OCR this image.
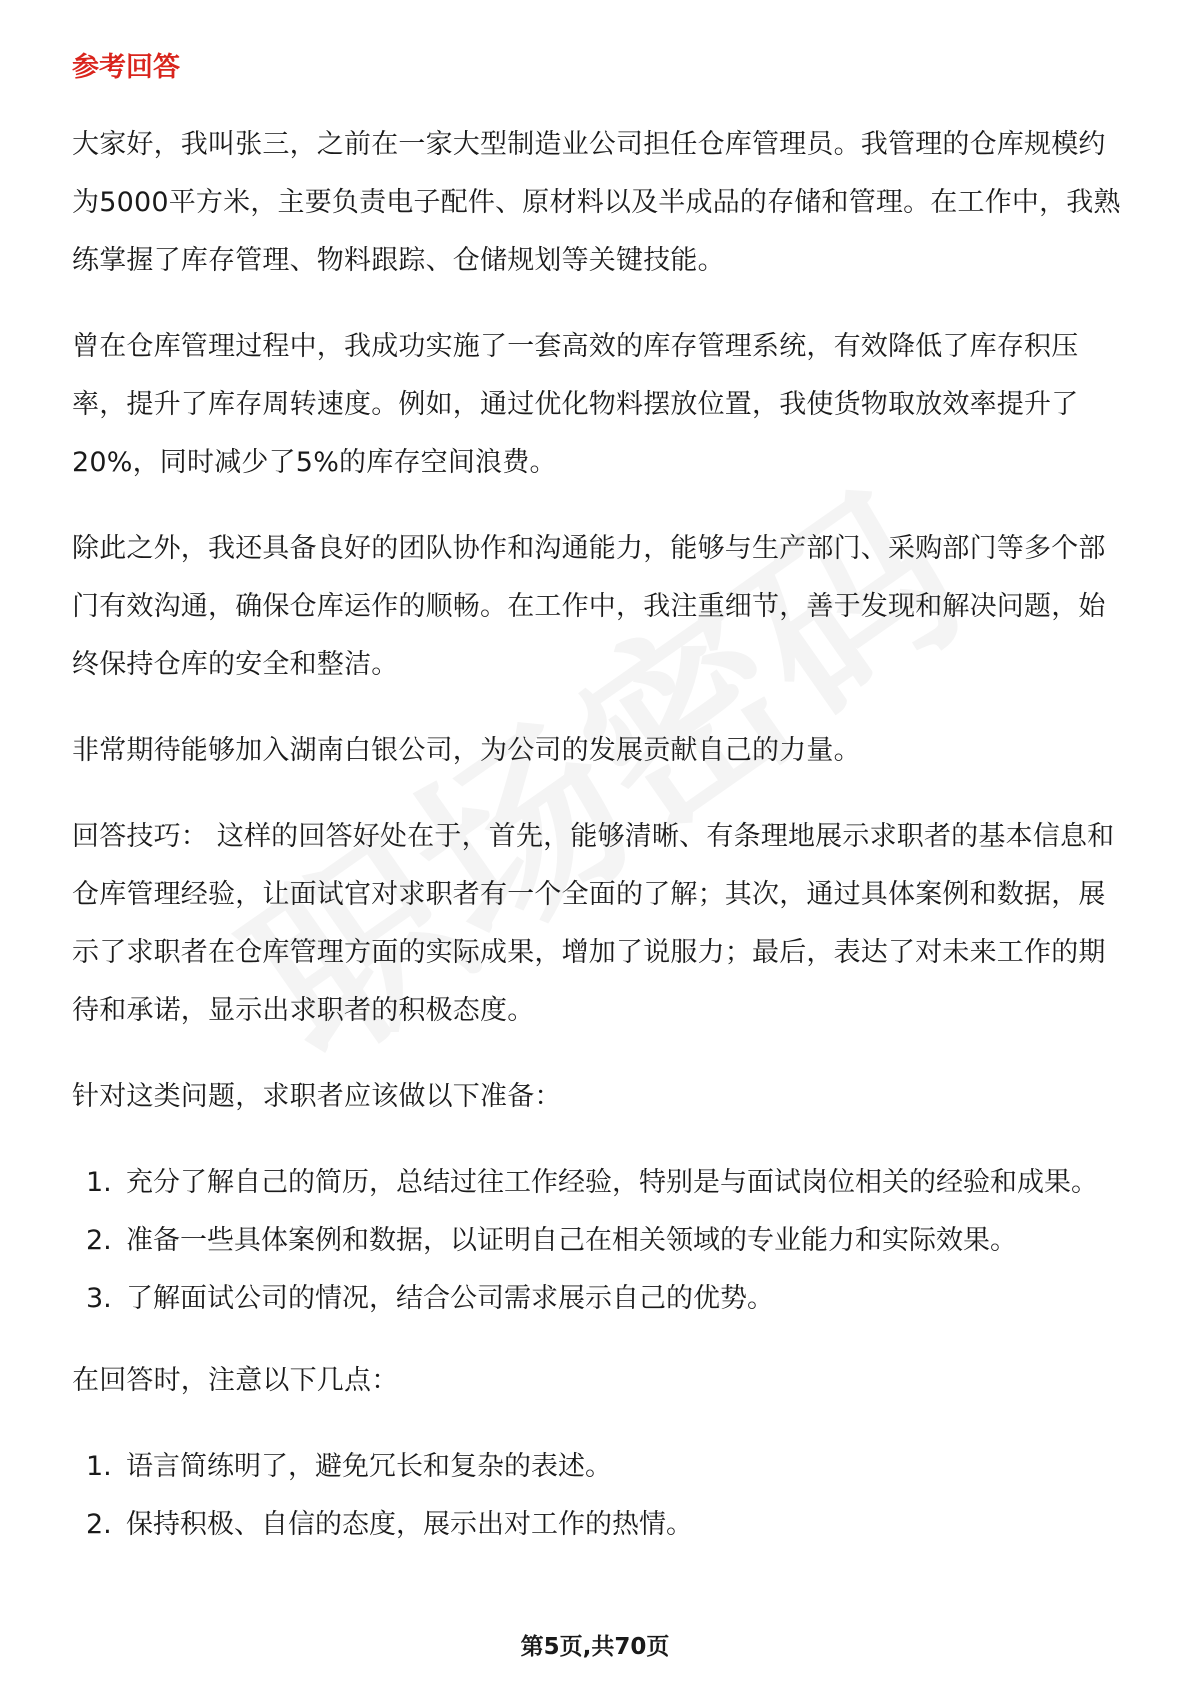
参考回答

大家好，我叫张三，之前在一家大型制造业公司担任仓库管理员。我管理的仓库规模约为5000平方米，主要负责电子配件、原材料以及半成品的存储和管理。在工作中，我熟练掌握了库存管理、物料跟踪、仓储规划等关键技能。

曾在仓库管理过程中，我成功实施了一套高效的库存管理系统，有效降低了库存积压率，提升了库存周转速度。例如，通过优化物料摆放位置，我使货物取放效率提升了20%，同时减少了5%的库存空间浪费。

除此之外，我还具备良好的团队协作和沟通能力，能够与生产部门、采购部门等多个部门有效沟通，确保仓库运作的顺畅。在工作中，我注重细节，善于发现和解决问题，始终保持仓库的安全和整洁。

非常期待能够加入湖南白银公司，为公司的发展贡献自己的力量。

回答技巧： 这样的回答好处在于，首先，能够清晰、有条理地展示求职者的基本信息和仓库管理经验，让面试官对求职者有一个全面的了解；其次，通过具体案例和数据，展示了求职者在仓库管理方面的实际成果，增加了说服力；最后，表达了对未来工作的期待和承诺，显示出求职者的积极态度。

针对这类问题，求职者应该做以下准备：

1. 充分了解自己的简历，总结过往工作经验，特别是与面试岗位相关的经验和成果。
2. 准备一些具体案例和数据，以证明自己在相关领域的专业能力和实际效果。
3. 了解面试公司的情况，结合公司需求展示自己的优势。

在回答时，注意以下几点：

1. 语言简练明了，避免冗长和复杂的表述。
2. 保持积极、自信的态度，展示出对工作的热情。
第5页,共70页
